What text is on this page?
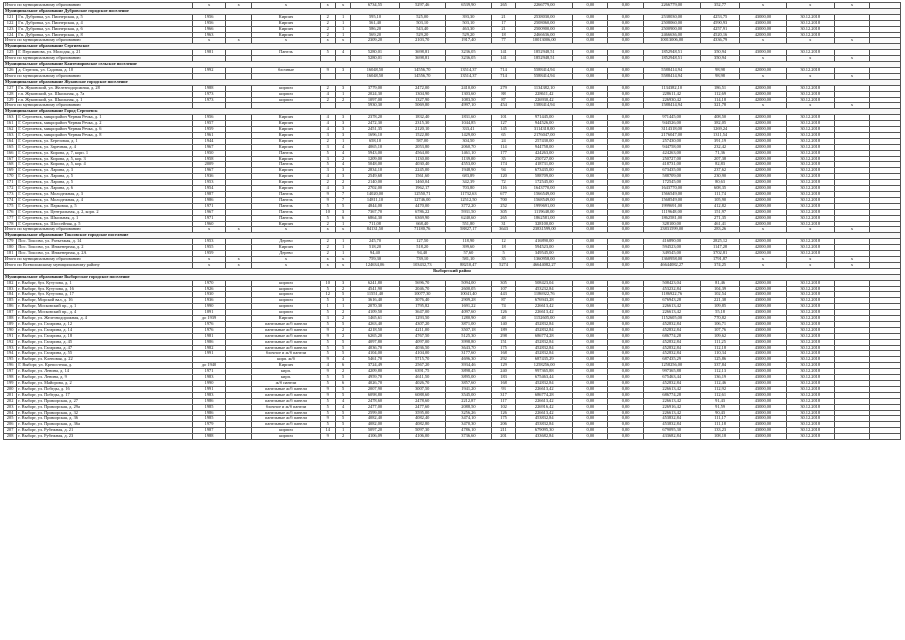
Итого по муниципальному образованию		x	x	x	x	x	6734,55	5297,46	6539,90	265	2266779,00	0,00	0,00	2266779,00	352,77	x	x	x	
Муниципальное образование Дубровское городское поселение																			
121	Гп. Дубровка, ул. Пионерская, д. 5	1956		Кирпич	2	1	595,10	525,00	393,30	21	2538030,00	0,00	0,00	2538030,00	4253,75	43000,00	30.12.2018		
122	Гп. Дубровка, ул. Пионерская, д. 4	1956		Кирпич	2	1	561,40	503,10	503,10	17	2508060,00	0,00	0,00	2508060,00	4590,93	43000,00	30.12.2018		
123	Гп. Дубровка, ул. Пионерская, д. 6	1966		Кирпич	2	1	586,20	543,40	463,30	21	2500900,00	0,00	0,00	2500900,00	4257,91	43000,00	30.12.2018		
124	Гп. Дубровка, ул. Пионерская, д. 8	1963		Кирпич	2	1	569,20	529,20	529,20	18	2466636,00	0,00	0,00	2466636,00	4520,16	42000,00	30.12.2018		
Итого по муниципальному образованию		x	x	x	x	x	2309,20	2103,70	1917,40	77	10013006,00	0,00	0,00	10013006,00	4336,79	x	x	x	
Муниципальное образование Сергиевское																			
125	Г. Персиянова, ул. Молодая, д. 21	1981		Панель	5	4	5280,01	3698,81	3236,05	141	1852948,51	0,00	0,00	1852948,51	350,94	43000,00	30.12.2018		
Итого по муниципальному образованию							5280,01	3698,81	3236,05	141	1852948,51	0,00	0,00	1852948,51	350,94	x	x	x	
Муниципальное образование Кантемировское сельское поселение																			
126	д. Стрелок, ул. Садовая, д. 10	1992		блочные	9	3	16048,50	14556,70	13514,37	714	5588414,94	0,00	0,00	5588414,94	98,98	42000,00	30.12.2018		
Итого по муниципальному образованию							16048,50	14556,70	13514,37	714	5588414,94	0,00	0,00	5588414,94	98,98	x	x	x	
Муниципальное образование Жуковское городское поселение																			
127	Гп. Жуковский, ул. Железнодорожная, д. 28	1988		кирпич	2	3	3779,00	2472,00	2410,00	279	1134382,10	0,00	0,00	1134382,10	186,51	42000,00	30.12.2018		
128	г.п. Жуковский, ул. Школьная, д. 7а	1973		кирпич	4	1	2024,30	1304,90	1303,60	88	228611,42	0,00	0,00	228611,42	112,69	42000,00	30.12.2018		
129	г.п. Жуковский, ул. Школьная, д. 1	1973		кирпич	2	2	1097,00	1327,90	1083,50	87	226930,42	0,00	0,00	226930,42	114,18	42000,00	30.12.2018		
Итого по муниципальному образованию							5930,30	5069,80	4997,10	454	1588414,94	0,00	0,00	1588414,94	321,78	x	x	x	
Муниципальное образование Город Сергиевск																			
163	Г. Сергиевск, микрорайон Черная Речка, д. 1	1956		Кирпич	4	3	2378,20	1832,40	1831,60	101	971445,00	0,00	0,00	971445,00	408,50	42000,00	30.12.2018		
161	Г. Сергиевск, микрорайон Черная Речка, д. 2	1957		Кирпич	4	3	2472,30	2315,30	1044,85	127	944526,00	0,00	0,00	944526,00	382,05	42000,00	30.12.2018		
162	Г. Сергиевск, микрорайон Черная Речка, д. 6	1959		Кирпич	4	3	2451,35	2120,10	333,41	145	3114318,00	0,00	0,00	3114318,00	1269,24	42000,00	30.12.2018		
163	Г. Сергиевск, микрорайон Черная Речка, д. 8	1961		Кирпич	3	3	1696,10	1522,80	1429,00	65	2176047,00	0,00	0,00	2176047,00	1311,54	42000,00	30.12.2018		
164	Г. Сергиевск, ул. Березовая, д. 1	1944		Кирпич	2	1	658,10	587,00	304,50	24	257430,00	0,00	0,00	257430,00	391,19	42000,00	30.12.2018		
165	Г. Сергиевск, ул. Заречная, д. 4	1967		Кирпич	3	4	4065,10	2053,80	2060,70	114	944758,00	0,00	0,00	944758,00	232,42	42000,00	30.12.2018		
166	Г. Сергиевск, ул. Кирова, д. 7, корп. 1	1950		Панель	5	4	5943,00	4564,00	1461,10	177	424263,00	0,00	0,00	424263,00	71,36	42000,00	30.12.2018		
167	Г. Сергиевск, ул. Кирова, д. 5, кор. 3	1958		Кирпич	3	2	1209,00	1130,00	1139,00	35	250727,00	0,00	0,00	250727,00	207,38	42000,00	30.12.2018		
168	Г. Сергиевск, ул. Кирова, д. 5, кор. 4	2009		Панель	5	4	5048,00	4030,40	4553,00	174	418731,00	0,00	0,00	418731,00	82,83	42000,00	30.12.2018		
169	Г. Сергиевск, ул. Ларина, д. 3	1967		Кирпич	3	3	2834,10	2245,00	1948,90	94	673435,00	0,00	0,00	673435,00	237,62	42000,00	30.12.2018		
170	Г. Сергиевск, ул. Ларина, д. 5	1936		Кирпич	4	3	2549,68	1561,60	683,89	120	588709,00	0,00	0,00	588709,00	230,90	42000,00	30.12.2018		
171	Г. Сергиевск, ул. Ларина, д. 5	1953		Кирпич	2	2	2140,00	1460,04	342,39	72	172545,00	0,00	0,00	172545,00	80,63	42000,00	30.12.2018		
172	Г. Сергиевск, ул. Ларина, д. 6	1954		Кирпич	4	3	2702,00	1962,17	703,80	116	1643770,00	0,00	0,00	1643770,00	608,35	42000,00	30.12.2018		
173	Г. Сергиевск, ул. Молодежная, д. 3	1987		Панель	9	7	14020,00	12550,71	11732,63	677	1566549,00	0,00	0,00	1566549,00	111,74	42000,00	30.12.2018		
174	Г. Сергиевск, ул. Молодежная, д. 4	1986		Панель	9	7	14811,10	12746,00	12512,50	700	1568549,00	0,00	0,00	1568549,00	105,90	42000,00	30.12.2018		
175	Г. Сергиевск, ул. Парковая, д. 5	1971		Панель	5	5	4844,00	4470,00	3772,20	252	1999691,00	0,00	0,00	1999691,00	412,82	42000,00	30.12.2018		
176	Г. Сергиевск, ул. Центральная, д. 2, корп. 2	1967		Панель	10	3	7367,70	6786,22	5931,50	305	1119648,00	0,00	0,00	1119648,00	151,97	42000,00	30.12.2018		
177	Г. Сергиевск, ул. Школьная, д. 1	1971		Панель	5	6	6864,30	6369,90	6240,60	265	1862581,00	0,00	0,00	1862581,00	271,35	42000,00	30.12.2018		
178	Г. Сергиевск, ул. Шоссейная, д. 5	1960		Кирпич	2	1	711,08	668,40	551,80	31	328100,00	0,00	0,00	328100,00	461,41	42000,00	30.12.2018		
Итого по муниципальному образованию		x	x	x	x	x	84131,50	71180,76	58827,17	3643	23831599,00	0,00	0,00	23831599,00	283,26	x	x	x	
Муниципальное образование Токсовское городское поселение																			
179	Пос. Токсово, ул. Разъезжая, д. 14	1953		Дерево	2	1	245,70	127,50	118,90	12	416890,00	0,00	0,00	416890,00	2825,12	42000,00	30.12.2018		
180	Пос. Токсово, ул. Инженерная, д. 2	1955		Кирпич	2	1	518,20	518,20	399,60	18	594523,00	0,00	0,00	594523,00	1147,28	42000,00	30.12.2018		
181	Пос. Токсово, ул. Инженерная, д. 2А	1959		Дерево	2	1	94,40	94,40	57,60	5	349545,00	0,00	0,00	349545,00	3702,81	42000,00	30.12.2018		
Итого по муниципальному образованию		x	x	x	x	x	759,30	739,10	581,10	35	1360958,00	0,00	0,00	1360958,00	1791,87	x	x	x	
Итого по Всеволожскому муниципальному району		x	x	x	x	x	124634,06	103432,73	88210,47	5274	46644082,27	0,00	0,00	46644082,27	374,25	x	x	x	
Выборгский район																			
Муниципальное образование Выборгское городское поселение																			
182	г. Выборг, бул. Кутузова, д. 1	1970		кирпич	10	3	6241,80	5696,70	5094,00	305	508423,04	0,00	0,00	508423,04	81,46	42000,00	30.12.2018		
183	г. Выборг, бул. Кутузова, д. 16	1926		кирпич	5	2	4541,90	2046,70	2600,05	107	453232,84	0,00	0,00	453232,84	104,39	42000,00	30.12.2018		
184	г. Выборг, бул. Кутузова, д. 17	1930		кирпич	12	5	11551,40	10077,30	10041,40	443	1186922,76	0,00	0,00	1186922,76	102,54	43000,00	30.12.2018		
185	г. Выборг, Морской вал, д. 16	1936		кирпич	5	3	3616,40	3076,40	2909,28	87	676943,28	0,00	0,00	676943,28	221,38	43000,00	30.12.2018		
186	г. Выборг, Московский пр., д. 1	1990		кирпич	1	1	2070,30	1795,82	1691,22	74	226613,42	0,00	0,00	226613,42	109,85	43000,00	30.12.2018		
187	г. Выборг, Московский пр., д. 4	1891		кирпич	5	2	4109,50	3647,00	4097,60	126	226613,42	0,00	0,00	226613,42	55,18	43000,00	30.12.2018		
188	г. Выборг, ул. Железнодорожная, д. 4	до 1939		Кирпич	3	2	1465,61	1293,50	1280,90	48	1152605,00	0,00	0,00	1152605,00	770,82	43000,00	30.12.2018		
189	г. Выборг, ул. Гагарина, д. 12	1976		панельные ж/б панели	5	5	4263,40	4307,20	3871,00	140	452832,84	0,00	0,00	452832,84	106,71	43000,00	30.12.2018		
190	г. Выборг, ул. Гагарина, д. 14	1976		панельные ж/б панели	9	2	4218,50	4211,00	3507,18	189	452832,84	0,00	0,00	452832,84	107,76	43000,00	30.12.2018		
191	г. Выборг, ул. Гагарина, д. 18	1981		панельные ж/б панели	9	2	6265,20	4767,50	5125,30	298	686774,28	0,00	0,00	686774,28	109,62	43000,00	30.12.2018		
192	г. Выборг, ул. Гагарина, д. 45	1986		панельные ж/б панели	5	5	4097,80	4097,00	3998,80	151	452832,84	0,00	0,00	452832,84	111,25	43000,00	30.12.2018		
193	г. Выборг, ул. Гагарина, д. 47	1982		панельные ж/б панели	5	5	4036,70	4036,50	3643,70	175	452832,84	0,00	0,00	452832,84	112,18	43000,00	30.12.2018		
194	г. Выборг, ул. Гагарина, д. 55	1991		блочное и ж/б панели	5	5	4104,00	4104,00	3177,60	168	452832,84	0,00	0,00	452832,84	110,34	43000,00	30.12.2018		
195	г. Выборг, ул. Кленовая, д. 22			кирп. ж/б	9	4	5461,70	5715,70	4696,30	292	687435,29	0,00	0,00	687435,29	125,86	43000,00	30.12.2018		
196	Г. Выборг, ул. Крепостная, д.	до 1940		Кирпич	4	6	3724,49	2567,20	3934,46	129	1258256,00	0,00	0,00	1258256,00	337,84	43000,00	30.12.2018		
197	г. Выборг, ул. Ленина, д. 14	1971		кирп.	9	2	4209,80	6391,75	3898,45	240	997365,88	0,00	0,00	997365,88	112,13	43000,00	30.12.2018		
198	г. Выборг, ул. Ленина, д. 9	1983		кирп.	5	5	4959,70	4611,50	3895,00	183	675463,44	0,00	0,00	675463,44	136,19	43000,00	30.12.2018		
199	г. Выборг, ул. Майорова, д. 2	1990		ж/б панели	5	6	4026,70	4026,70	3857,60	168	452832,84	0,00	0,00	452832,84	112,46	43000,00	30.12.2018		
200	г. Выборг, ул. Победы, д. 16	1991		панельные ж/б панели	9	5	2007,90	3007,50	1941,20	93	226613,42	0,00	0,00	226613,42	112,92	43000,00	30.12.2018		
201	г. Выборг, ул. Победы, д. 17	1983		панельные ж/б панели	9	5	6098,80	6088,60	3545,00	317	686774,28	0,00	0,00	686774,28	112,61	43000,00	30.12.2018		
202	г. Выборг, ул. Приморская, д. 27	1986		панельные ж/б панели	5	4	2478,60	2478,60	2212,87	117	226613,42	0,00	0,00	226613,42	91,43	43000,00	30.12.2018		
203	г. Выборг, ул. Приморская, д. 29а	1985		блочное и ж/б панели	5	4	2477,00	2477,60	2088,50	102	226916,42	0,00	0,00	226916,42	91,59	43000,00	30.12.2018		
204	г. Выборг, ул. Приморская, д. 32	1986		панельные ж/б панели	5	5	2599,00	3595,00	3256,26	126	226613,42	0,00	0,00	226613,42	90,43	43000,00	30.12.2018		
205	г. Выборг, ул. Приморская, д. 36	1985		панельные ж/б панели	9	5	4082,40	4082,40	3474,10	175	453832,84	0,00	0,00	453832,84	111,17	43000,00	30.12.2018		
206	г. Выборг, ул. Приморская, д. 36а	1979		панельные ж/б панели	5	5	4082,00	4082,80	3470,30	206	453832,84	0,00	0,00	453832,84	111,18	43000,00	30.12.2018		
207	г. Выборг, ул. Рубежная, д. 21	1987		кирпич	14	1	5097,20	5097,30	4786,10	211	679095,30	0,00	0,00	679095,30	133,23	43000,00	30.12.2018		
208	г. Выборг, ул. Рубежная, д. 23	1988		кирпич	9	2	4106,09	4106,00	3736,60	201	433682,84	0,00	0,00	433682,84	108,18	43000,00	30.12.2018		
